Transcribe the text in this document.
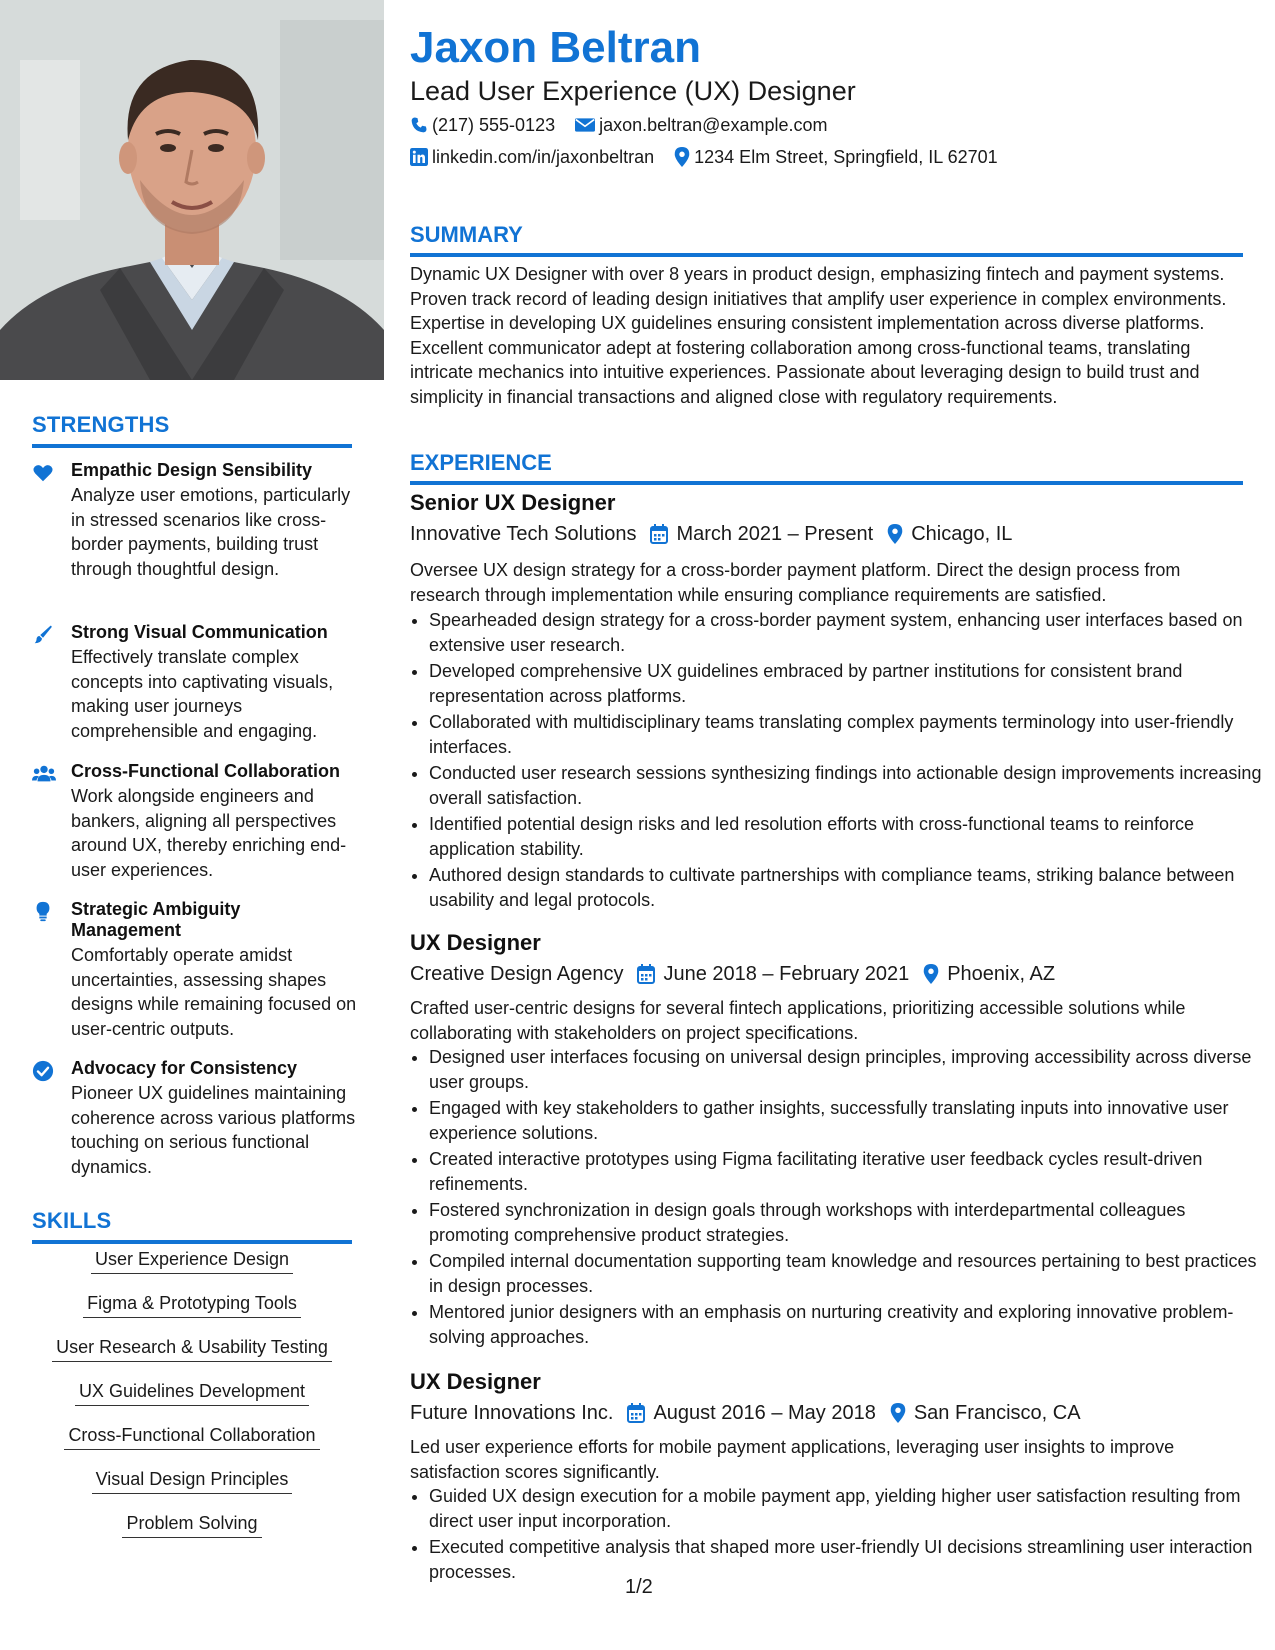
STRENGTHS
Empathic Design Sensibility
Analyze user emotions, particularly in stressed scenarios like cross-border payments, building trust through thoughtful design.
Strong Visual Communication
Effectively translate complex concepts into captivating visuals, making user journeys comprehensible and engaging.
Cross-Functional Collaboration
Work alongside engineers and bankers, aligning all perspectives around UX, thereby enriching end-user experiences.
Strategic Ambiguity Management
Comfortably operate amidst uncertainties, assessing shapes designs while remaining focused on user-centric outputs.
Advocacy for Consistency
Pioneer UX guidelines maintaining coherence across various platforms touching on serious functional dynamics.
SKILLS
User Experience Design
Figma & Prototyping Tools
User Research & Usability Testing
UX Guidelines Development
Cross-Functional Collaboration
Visual Design Principles
Problem Solving
Jaxon Beltran
Lead User Experience (UX) Designer
(217) 555-0123 jaxon.beltran@example.com
linkedin.com/in/jaxonbeltran 1234 Elm Street, Springfield, IL 62701
SUMMARY
Dynamic UX Designer with over 8 years in product design, emphasizing fintech and payment systems. Proven track record of leading design initiatives that amplify user experience in complex environments. Expertise in developing UX guidelines ensuring consistent implementation across diverse platforms. Excellent communicator adept at fostering collaboration among cross-functional teams, translating intricate mechanics into intuitive experiences. Passionate about leveraging design to build trust and simplicity in financial transactions and aligned close with regulatory requirements.
EXPERIENCE
Senior UX Designer
Innovative Tech Solutions March 2021 – Present Chicago, IL
Oversee UX design strategy for a cross-border payment platform. Direct the design process from research through implementation while ensuring compliance requirements are satisfied.
• Spearheaded design strategy for a cross-border payment system, enhancing user interfaces based on extensive user research.
• Developed comprehensive UX guidelines embraced by partner institutions for consistent brand representation across platforms.
• Collaborated with multidisciplinary teams translating complex payments terminology into user-friendly interfaces.
• Conducted user research sessions synthesizing findings into actionable design improvements increasing overall satisfaction.
• Identified potential design risks and led resolution efforts with cross-functional teams to reinforce application stability.
• Authored design standards to cultivate partnerships with compliance teams, striking balance between usability and legal protocols.
UX Designer
Creative Design Agency June 2018 – February 2021 Phoenix, AZ
Crafted user-centric designs for several fintech applications, prioritizing accessible solutions while collaborating with stakeholders on project specifications.
• Designed user interfaces focusing on universal design principles, improving accessibility across diverse user groups.
• Engaged with key stakeholders to gather insights, successfully translating inputs into innovative user experience solutions.
• Created interactive prototypes using Figma facilitating iterative user feedback cycles result-driven refinements.
• Fostered synchronization in design goals through workshops with interdepartmental colleagues promoting comprehensive product strategies.
• Compiled internal documentation supporting team knowledge and resources pertaining to best practices in design processes.
• Mentored junior designers with an emphasis on nurturing creativity and exploring innovative problem-solving approaches.
UX Designer
Future Innovations Inc. August 2016 – May 2018 San Francisco, CA
Led user experience efforts for mobile payment applications, leveraging user insights to improve satisfaction scores significantly.
• Guided UX design execution for a mobile payment app, yielding higher user satisfaction resulting from direct user input incorporation.
• Executed competitive analysis that shaped more user-friendly UI decisions streamlining user interaction processes.
1/2
